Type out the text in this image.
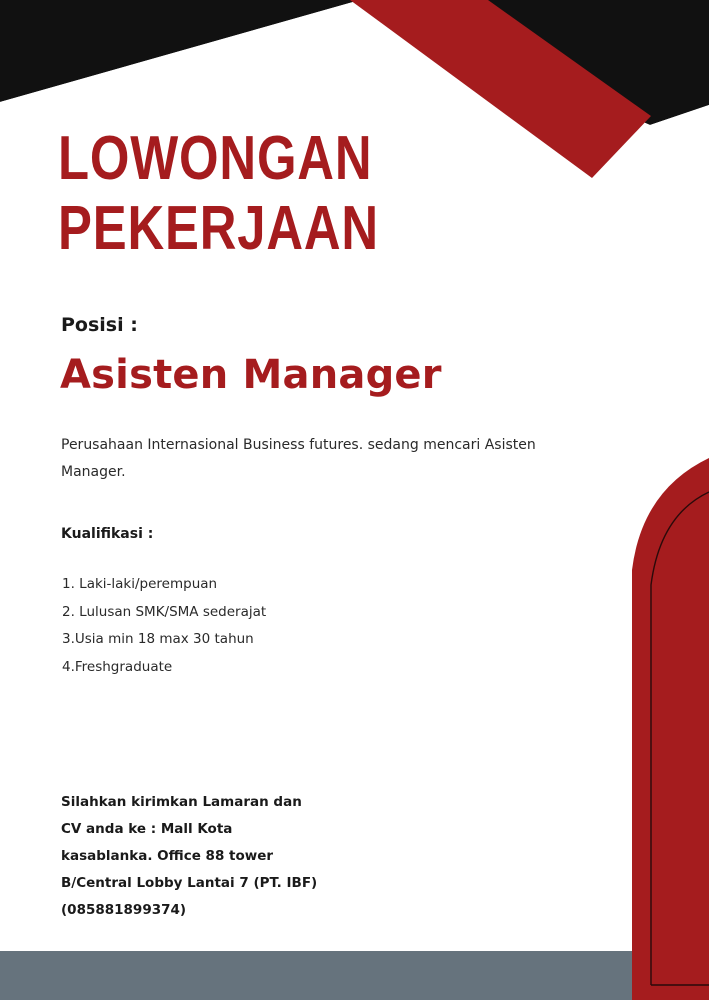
LOWONGAN
PEKERJAAN
Posisi :
Asisten Manager
Perusahaan Internasional Business futures. sedang mencari Asisten Manager.
Kualifikasi :
1. Laki-laki/perempuan
2. Lulusan SMK/SMA sederajat
3.Usia min 18 max 30 tahun
4.Freshgraduate
Silahkan kirimkan Lamaran dan CV anda ke : Mall Kota kasablanka. Office 88 tower B/Central Lobby Lantai 7 (PT. IBF) (085881899374)
